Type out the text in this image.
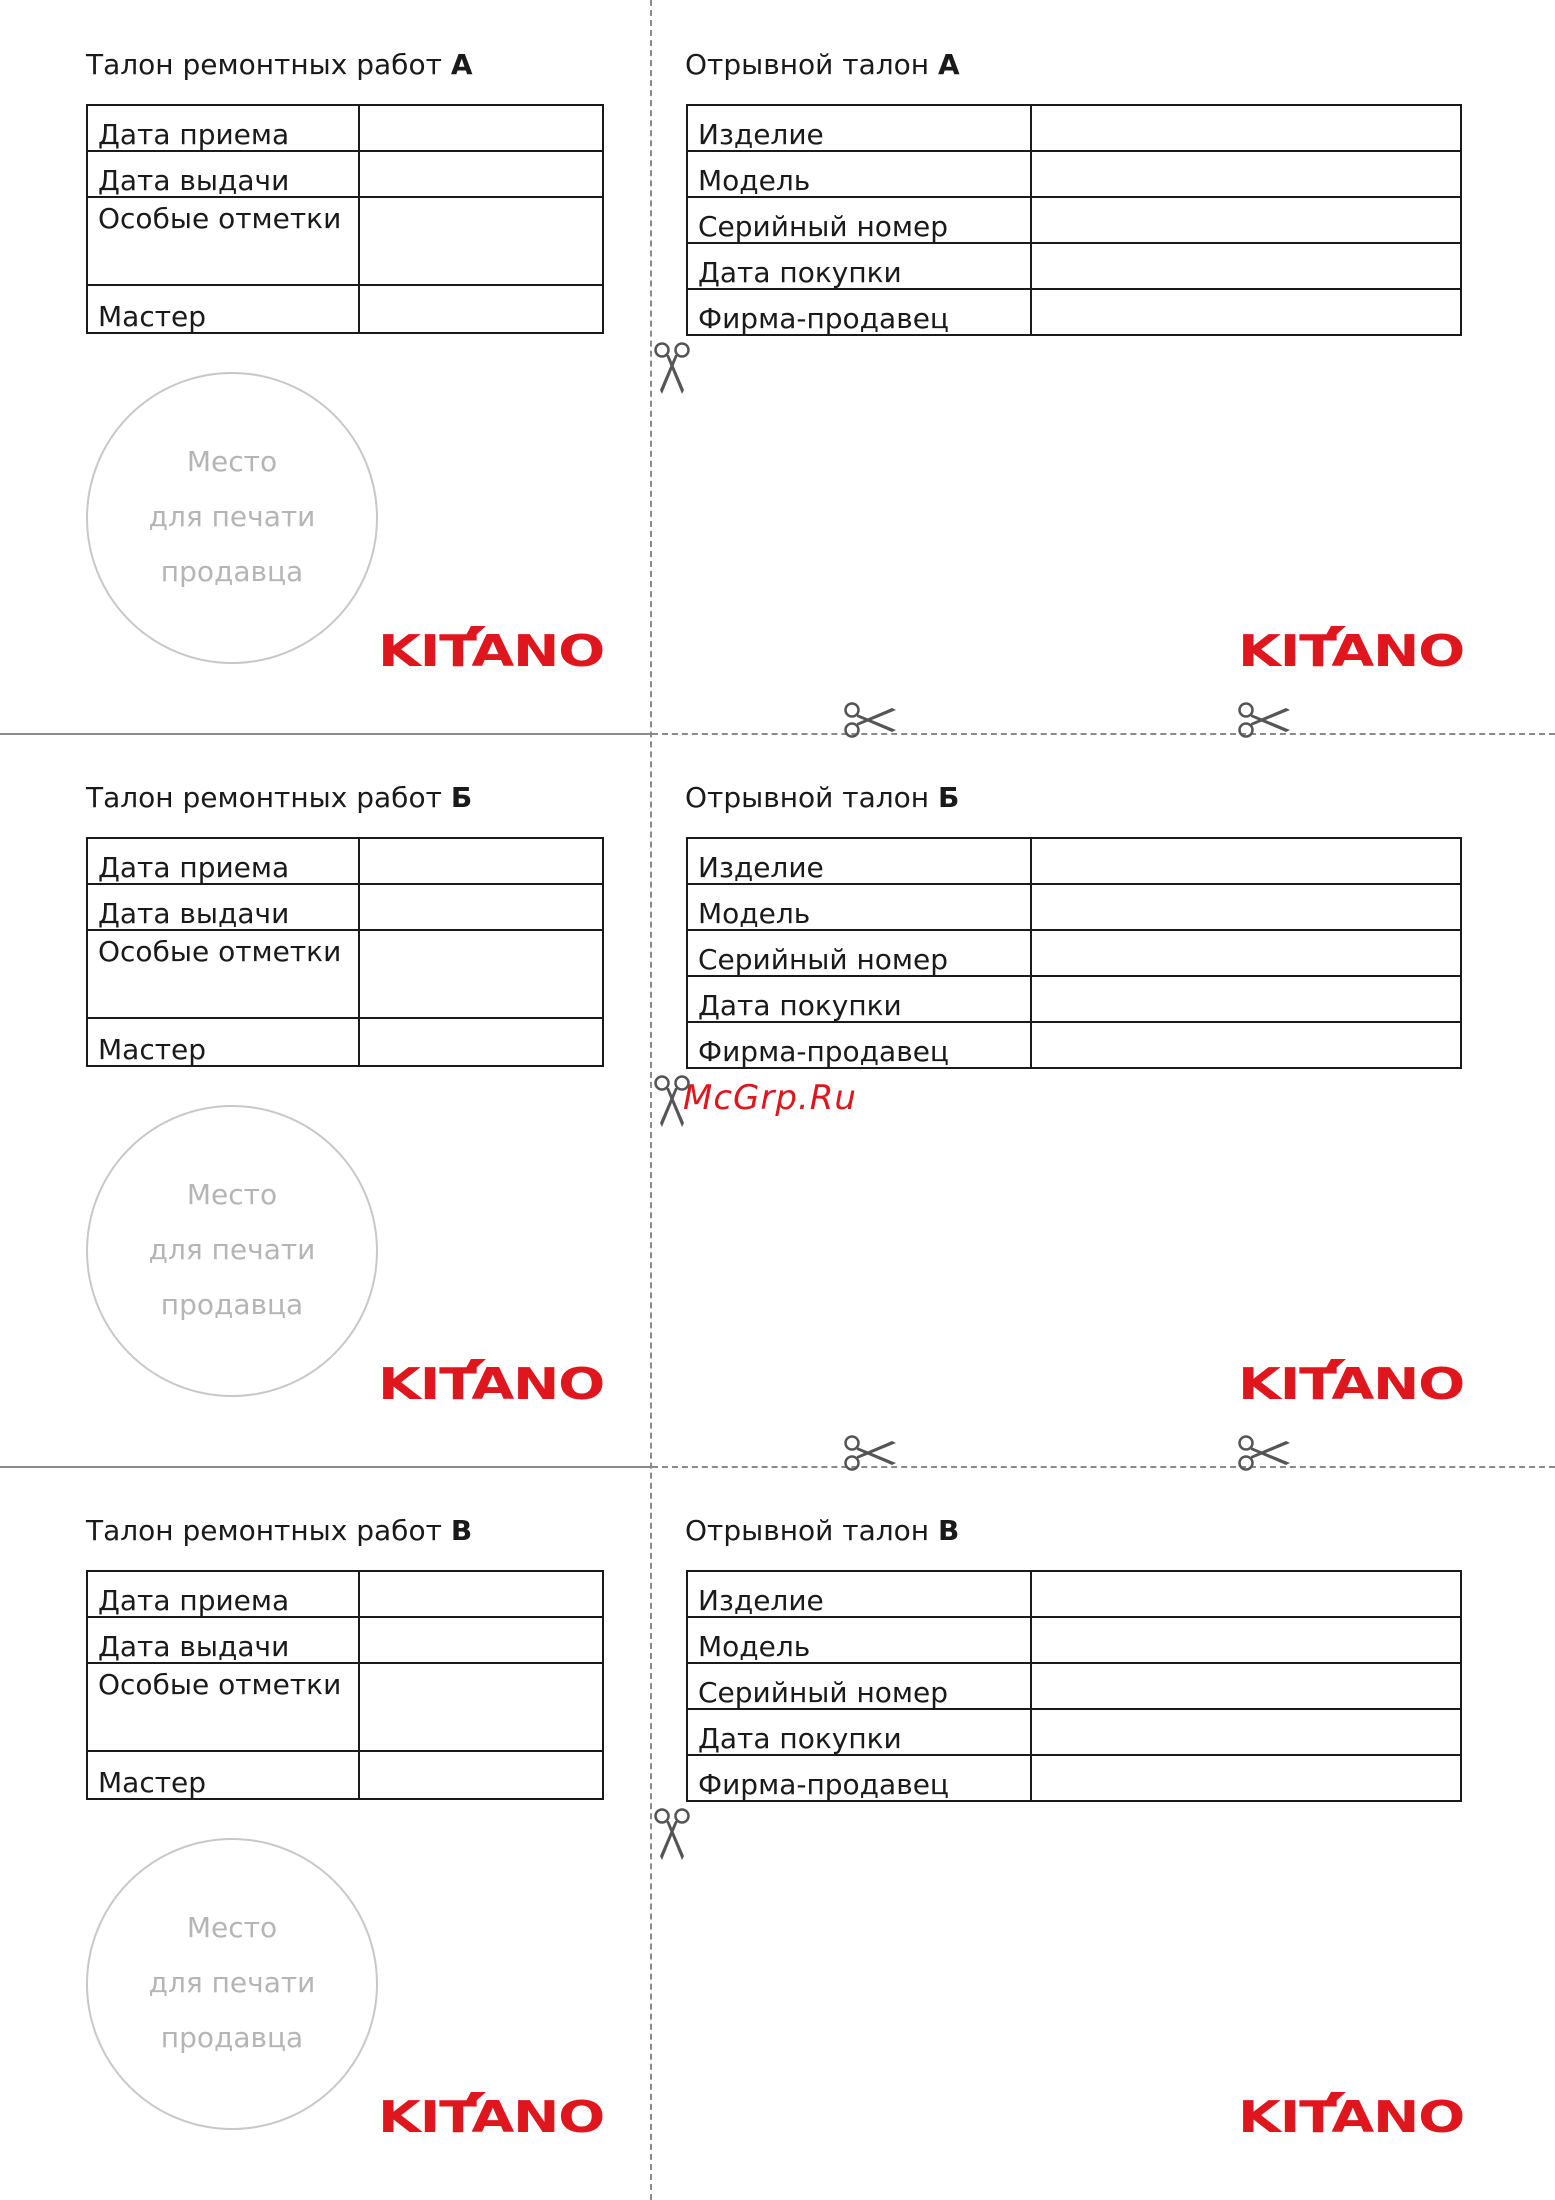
Талон ремонтных работ А	Отрывной талон А
Дата приема	
Дата выдачи	
Особые отметки	
Мастер	
Изделие	
Модель	
Серийный номер	
Дата покупки	
Фирма-продавец	
Место
для печати
продавца
Талон ремонтных работ Б	Отрывной талон Б
Дата приема	
Дата выдачи	
Особые отметки	
Мастер	
Изделие	
Модель	
Серийный номер	
Дата покупки	
Фирма-продавец	
Место
для печати
продавца
Талон ремонтных работ В	Отрывной талон В
Дата приема	
Дата выдачи	
Особые отметки	
Мастер	
Изделие	
Модель	
Серийный номер	
Дата покупки	
Фирма-продавец	
Место
для печати
продавца
McGrp.Ru
